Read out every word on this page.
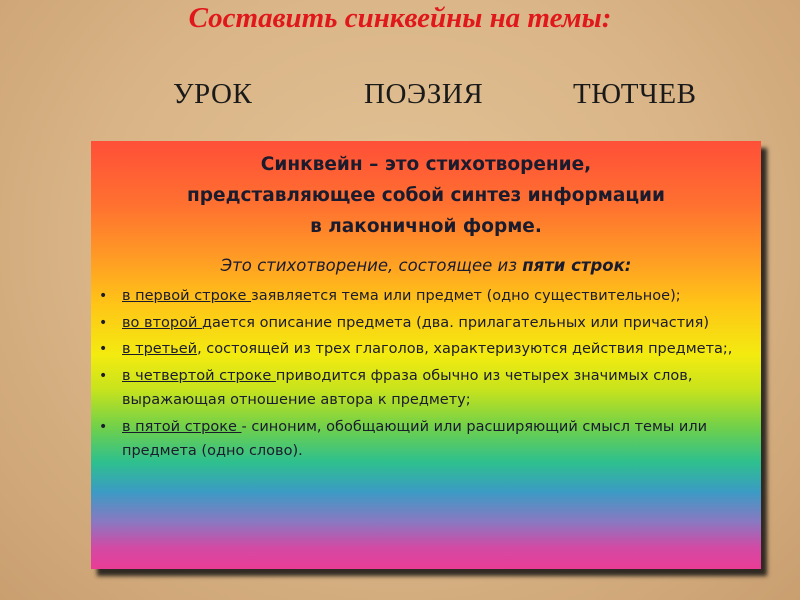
Составить синквейны на темы:
УРОК	ПОЭЗИЯ	ТЮТЧЕВ
Синквейн – это стихотворение,
представляющее собой синтез информации
в лаконичной форме.
Это стихотворение, состоящее из пяти строк:
• в первой строке заявляется тема или предмет (одно существительное);
• во второй дается описание предмета (два. прилагательных или причастия)
• в третьей, состоящей из трех глаголов, характеризуются действия предмета;,
• в четвертой строке приводится фраза обычно из четырех значимых слов, выражающая отношение автора к предмету;
• в пятой строке - синоним, обобщающий или расширяющий смысл темы или предмета (одно слово).
